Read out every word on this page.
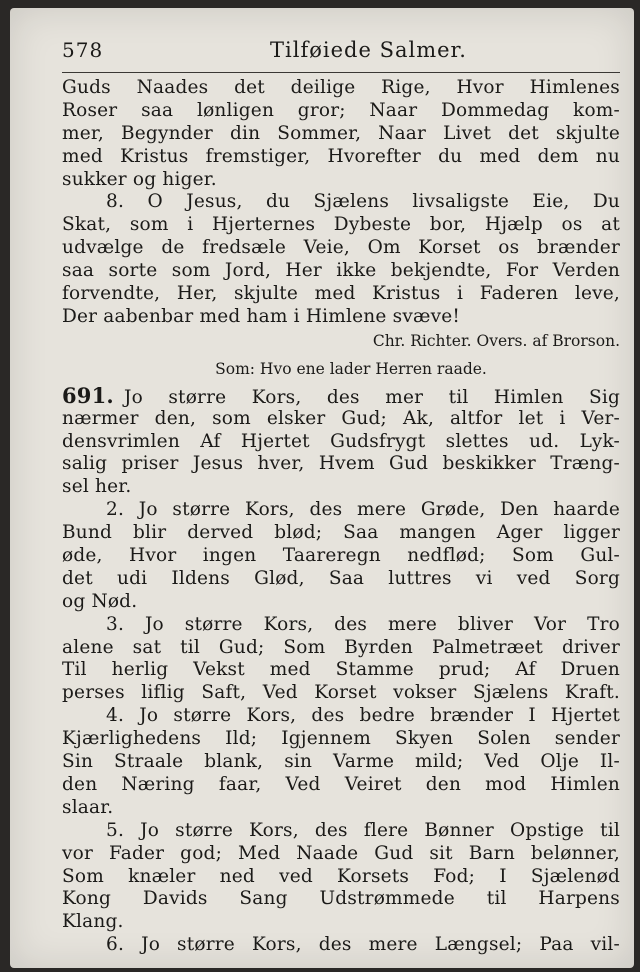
578	Tilføiede Salmer.
Guds Naades det deilige Rige, Hvor Himlenes
Roser saa lønligen gror; Naar Dommedag kom-
mer, Begynder din Sommer, Naar Livet det skjulte
med Kristus fremstiger, Hvorefter du med dem nu
sukker og higer.
8. O Jesus, du Sjælens livsaligste Eie, Du
Skat, som i Hjerternes Dybeste bor, Hjælp os at
udvælge de fredsæle Veie, Om Korset os brænder
saa sorte som Jord, Her ikke bekjendte, For Verden
forvendte, Her, skjulte med Kristus i Faderen leve,
Der aabenbar med ham i Himlene svæve!
Chr. Richter. Overs. af Brorson.
Som: Hvo ene lader Herren raade.
691. Jo større Kors, des mer til Himlen Sig
nærmer den, som elsker Gud; Ak, altfor let i Ver-
densvrimlen Af Hjertet Gudsfrygt slettes ud. Lyk-
salig priser Jesus hver, Hvem Gud beskikker Træng-
sel her.
2. Jo større Kors, des mere Grøde, Den haarde
Bund blir derved blød; Saa mangen Ager ligger
øde, Hvor ingen Taareregn nedflød; Som Gul-
det udi Ildens Glød, Saa luttres vi ved Sorg
og Nød.
3. Jo større Kors, des mere bliver Vor Tro
alene sat til Gud; Som Byrden Palmetræet driver
Til herlig Vekst med Stamme prud; Af Druen
perses liflig Saft, Ved Korset vokser Sjælens Kraft.
4. Jo større Kors, des bedre brænder I Hjertet
Kjærlighedens Ild; Igjennem Skyen Solen sender
Sin Straale blank, sin Varme mild; Ved Olje Il-
den Næring faar, Ved Veiret den mod Himlen
slaar.
5. Jo større Kors, des flere Bønner Opstige til
vor Fader god; Med Naade Gud sit Barn belønner,
Som knæler ned ved Korsets Fod; I Sjælenød
Kong Davids Sang Udstrømmede til Harpens
Klang.
6. Jo større Kors, des mere Længsel; Paa vil-
